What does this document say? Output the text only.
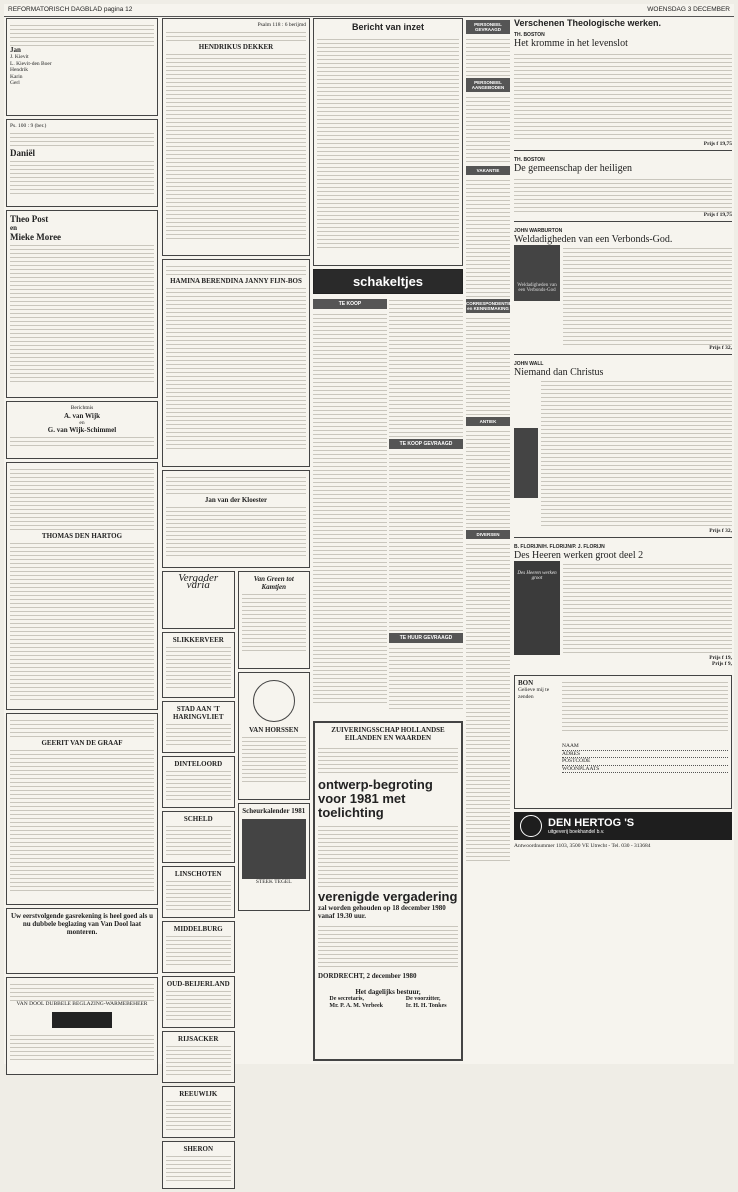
REFORMATORISCH DAGBLAD pagina 12	WOENSDAG 3 DECEMBER
Jan
J. Kievit
L. Kievit-den Boer
Hendrik
Karin
Gerl
Ps. 100 : 9 (ber.)
Daniël
Theo Post
en
Mieke Moree
Berichtnis
A. van Wijk
en
G. van Wijk-Schimmel
THOMAS DEN HARTOG
GEERIT VAN DE GRAAF
Uw eerstvolgende gasrekening is heel goed als u nu dubbele beglazing van Van Dool laat monteren.
VAN DOOL DUBBELE BEGLAZING-WARMEBEHEER
Psalm 118 : 6 berijmd
HENDRIKUS DEKKER
HAMINA BERENDINA JANNY FIJN-BOS
Jan van der Kloester
Vergader varia
SLIKKERVEER
STAD AAN 'T HARINGVLIET
DINTELOORD
SCHELD
LINSCHOTEN
MIDDELBURG
OUD-BEIJERLAND
RIJSACKER
REEUWIJK
SHERON
Van Green tot Kamtjen
VAN HORSSEN
Scheurkalender 1981
STEEK TEGEL
Bericht van inzet
schakeltjes
TE KOOP
TE KOOP GEVRAAGD
TE HUUR GEVRAAGD
ZUIVERINGSSCHAP HOLLANDSE EILANDEN EN WAARDEN
ontwerp-begroting voor 1981 met toelichting
verenigde vergadering
zal worden gehouden op 18 december 1980 vanaf 19.30 uur.
DORDRECHT, 2 december 1980
Het dagelijks bestuur,
De secretaris,
Mr. P. A. M. Verbeek
De voorzitter,
Ir. H. H. Tonkes
PERSONEEL GEVRAAGD
PERSONEEL AANGEBODEN
VAKANTIE
CORRESPONDENTIE en KENNISMAKING
ANTIEK
DIVERSEN
Verschenen Theologische werken.
TH. BOSTON
Het kromme in het levenslot
Prijs f 19,75
TH. BOSTON
De gemeenschap der heiligen
Prijs f 19,75
JOHN WARBURTON
Weldadigheden van een Verbonds-God.
Weldadigheden van een Verbonds-God
Prijs f 32,
JOHN WALL
Niemand dan Christus
Prijs f 32,
B. FLORIJN/H. FLORIJN/P. J. FLORIJN
Des Heeren werken groot deel 2
Des Heeren werken groot
Prijs f 19,
Prijs f 9,
BON
Gelieve mij te zenden
NAAM
ADRES
POSTCODE
WOONPLAATS
DEN HERTOG 'S
uitgeverij boekhandel b.v.
Antwoordnummer 1103, 3500 VE Utrecht - Tel. 030 - 313684
